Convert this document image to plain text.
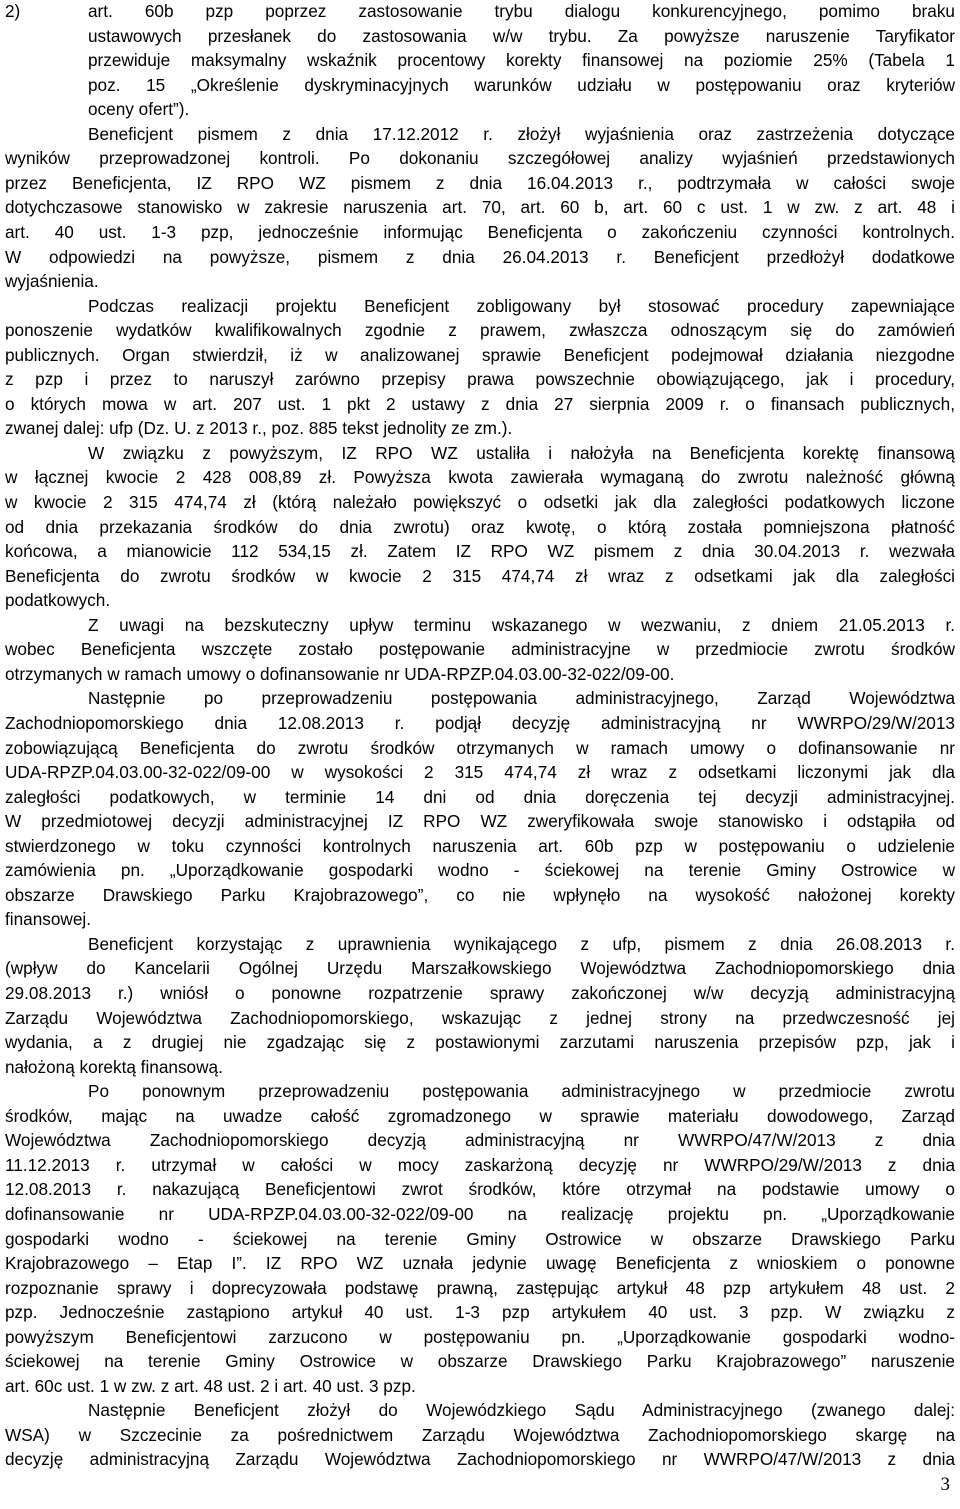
2)	art. 60b pzp poprzez zastosowanie trybu dialogu konkurencyjnego, pomimo braku
ustawowych przesłanek do zastosowania w/w trybu. Za powyższe naruszenie Taryfikator
przewiduje maksymalny wskaźnik procentowy korekty finansowej na poziomie 25% (Tabela 1
poz. 15 „Określenie dyskryminacyjnych warunków udziału w postępowaniu oraz kryteriów
oceny ofert”).
Beneficjent pismem z dnia 17.12.2012 r. złożył wyjaśnienia oraz zastrzeżenia dotyczące
wyników przeprowadzonej kontroli. Po dokonaniu szczegółowej analizy wyjaśnień przedstawionych
przez Beneficjenta, IZ RPO WZ pismem z dnia 16.04.2013 r., podtrzymała w całości swoje
dotychczasowe stanowisko w zakresie naruszenia art. 70, art. 60 b, art. 60 c ust. 1 w zw. z art. 48 i
art. 40 ust. 1-3 pzp, jednocześnie informując Beneficjenta o zakończeniu czynności kontrolnych.
W odpowiedzi na powyższe, pismem z dnia 26.04.2013 r. Beneficjent przedłożył dodatkowe
wyjaśnienia.
Podczas realizacji projektu Beneficjent zobligowany był stosować procedury zapewniające
ponoszenie wydatków kwalifikowalnych zgodnie z prawem, zwłaszcza odnoszącym się do zamówień
publicznych. Organ stwierdził, iż w analizowanej sprawie Beneficjent podejmował działania niezgodne
z pzp i przez to naruszył zarówno przepisy prawa powszechnie obowiązującego, jak i procedury,
o których mowa w art. 207 ust. 1 pkt 2 ustawy z dnia 27 sierpnia 2009 r. o finansach publicznych,
zwanej dalej: ufp (Dz. U. z 2013 r., poz. 885 tekst jednolity ze zm.).
W związku z powyższym, IZ RPO WZ ustaliła i nałożyła na Beneficjenta korektę finansową
w łącznej kwocie 2 428 008,89 zł. Powyższa kwota zawierała wymaganą do zwrotu należność główną
w kwocie 2 315 474,74 zł (którą należało powiększyć o odsetki jak dla zaległości podatkowych liczone
od dnia przekazania środków do dnia zwrotu) oraz kwotę, o którą została pomniejszona płatność
końcowa, a mianowicie 112 534,15 zł. Zatem IZ RPO WZ pismem z dnia 30.04.2013 r. wezwała
Beneficjenta do zwrotu środków w kwocie 2 315 474,74 zł wraz z odsetkami jak dla zaległości
podatkowych.
Z uwagi na bezskuteczny upływ terminu wskazanego w wezwaniu, z dniem 21.05.2013 r.
wobec Beneficjenta wszczęte zostało postępowanie administracyjne w przedmiocie zwrotu środków
otrzymanych w ramach umowy o dofinansowanie nr UDA-RPZP.04.03.00-32-022/09-00.
Następnie po przeprowadzeniu postępowania administracyjnego, Zarząd Województwa
Zachodniopomorskiego dnia 12.08.2013 r. podjął decyzję administracyjną nr WWRPO/29/W/2013
zobowiązującą Beneficjenta do zwrotu środków otrzymanych w ramach umowy o dofinansowanie nr
UDA-RPZP.04.03.00-32-022/09-00 w wysokości 2 315 474,74 zł wraz z odsetkami liczonymi jak dla
zaległości podatkowych, w terminie 14 dni od dnia doręczenia tej decyzji administracyjnej.
W przedmiotowej decyzji administracyjnej IZ RPO WZ zweryfikowała swoje stanowisko i odstąpiła od
stwierdzonego w toku czynności kontrolnych naruszenia art. 60b pzp w postępowaniu o udzielenie
zamówienia pn. „Uporządkowanie gospodarki wodno - ściekowej na terenie Gminy Ostrowice w
obszarze Drawskiego Parku Krajobrazowego”, co nie wpłynęło na wysokość nałożonej korekty
finansowej.
Beneficjent korzystając z uprawnienia wynikającego z ufp, pismem z dnia 26.08.2013 r.
(wpływ do Kancelarii Ogólnej Urzędu Marszałkowskiego Województwa Zachodniopomorskiego dnia
29.08.2013 r.) wniósł o ponowne rozpatrzenie sprawy zakończonej w/w decyzją administracyjną
Zarządu Województwa Zachodniopomorskiego, wskazując z jednej strony na przedwczesność jej
wydania, a z drugiej nie zgadzając się z postawionymi zarzutami naruszenia przepisów pzp, jak i
nałożoną korektą finansową.
Po ponownym przeprowadzeniu postępowania administracyjnego w przedmiocie zwrotu
środków, mając na uwadze całość zgromadzonego w sprawie materiału dowodowego, Zarząd
Województwa Zachodniopomorskiego decyzją administracyjną nr WWRPO/47/W/2013 z dnia
11.12.2013 r. utrzymał w całości w mocy zaskarżoną decyzję nr WWRPO/29/W/2013 z dnia
12.08.2013 r. nakazującą Beneficjentowi zwrot środków, które otrzymał na podstawie umowy o
dofinansowanie nr UDA-RPZP.04.03.00-32-022/09-00 na realizację projektu pn. „Uporządkowanie
gospodarki wodno - ściekowej na terenie Gminy Ostrowice w obszarze Drawskiego Parku
Krajobrazowego – Etap I”. IZ RPO WZ uznała jedynie uwagę Beneficjenta z wnioskiem o ponowne
rozpoznanie sprawy i doprecyzowała podstawę prawną, zastępując artykuł 48 pzp artykułem 48 ust. 2
pzp. Jednocześnie zastąpiono artykuł 40 ust. 1-3 pzp artykułem 40 ust. 3 pzp. W związku z
powyższym Beneficjentowi zarzucono w postępowaniu pn. „Uporządkowanie gospodarki wodno-
ściekowej na terenie Gminy Ostrowice w obszarze Drawskiego Parku Krajobrazowego” naruszenie
art. 60c ust. 1 w zw. z art. 48 ust. 2 i art. 40 ust. 3 pzp.
Następnie Beneficjent złożył do Wojewódzkiego Sądu Administracyjnego (zwanego dalej:
WSA) w Szczecinie za pośrednictwem Zarządu Województwa Zachodniopomorskiego skargę na
decyzję administracyjną Zarządu Województwa Zachodniopomorskiego nr WWRPO/47/W/2013 z dnia
3
